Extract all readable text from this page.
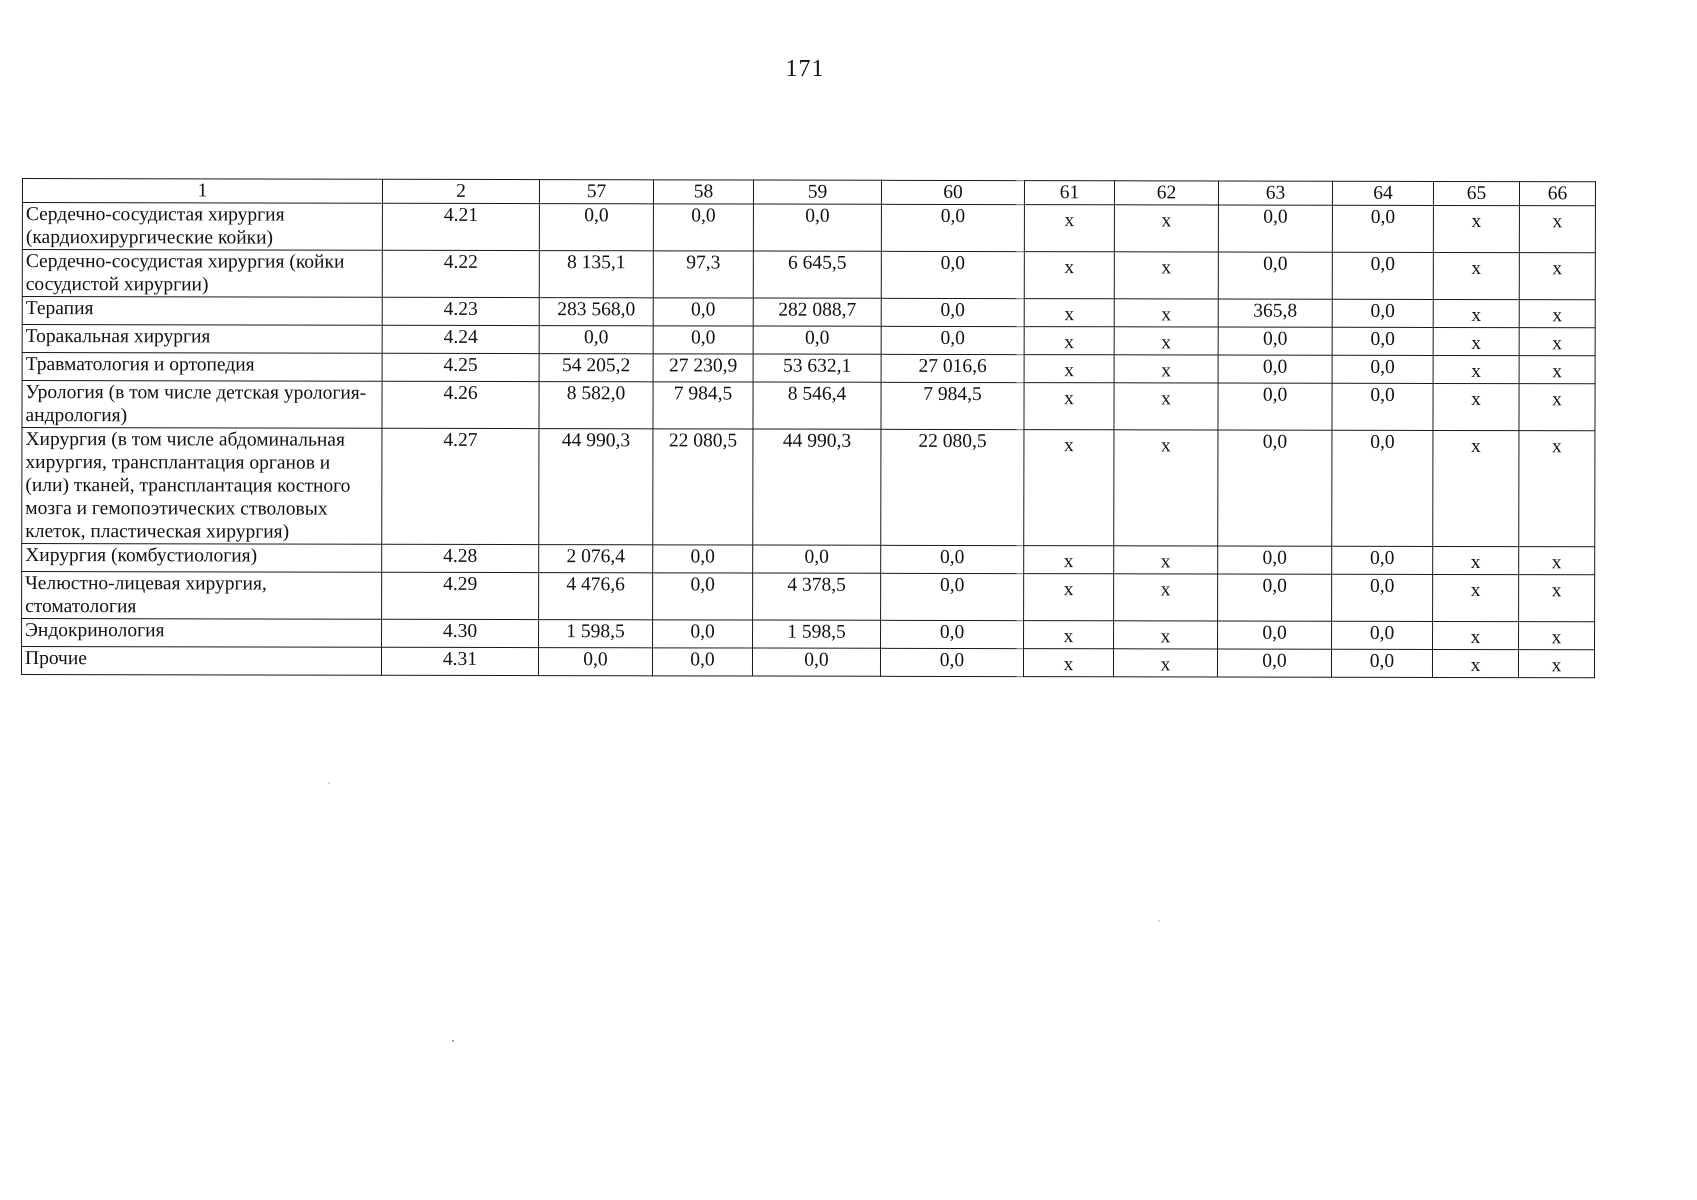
171
1	2	57	58	59	60	61	62	63	64	65	66
Сердечно-сосудистая хирургия (кардиохирургические койки)	4.21	0,0	0,0	0,0	0,0	х	х	0,0	0,0	х	х
Сердечно-сосудистая хирургия (койки сосудистой хирургии)	4.22	8 135,1	97,3	6 645,5	0,0	х	х	0,0	0,0	х	х
Терапия	4.23	283 568,0	0,0	282 088,7	0,0	х	х	365,8	0,0	х	х
Торакальная хирургия	4.24	0,0	0,0	0,0	0,0	х	х	0,0	0,0	х	х
Травматология и ортопедия	4.25	54 205,2	27 230,9	53 632,1	27 016,6	х	х	0,0	0,0	х	х
Урология (в том числе детская урология-андрология)	4.26	8 582,0	7 984,5	8 546,4	7 984,5	х	х	0,0	0,0	х	х
Хирургия (в том числе абдоминальная хирургия, трансплантация органов и (или) тканей, трансплантация костного мозга и гемопоэтических стволовых клеток, пластическая хирургия)	4.27	44 990,3	22 080,5	44 990,3	22 080,5	х	х	0,0	0,0	х	х
Хирургия (комбустиология)	4.28	2 076,4	0,0	0,0	0,0	х	х	0,0	0,0	х	х
Челюстно-лицевая хирургия, стоматология	4.29	4 476,6	0,0	4 378,5	0,0	х	х	0,0	0,0	х	х
Эндокринология	4.30	1 598,5	0,0	1 598,5	0,0	х	х	0,0	0,0	х	х
Прочие	4.31	0,0	0,0	0,0	0,0	х	х	0,0	0,0	х	х
